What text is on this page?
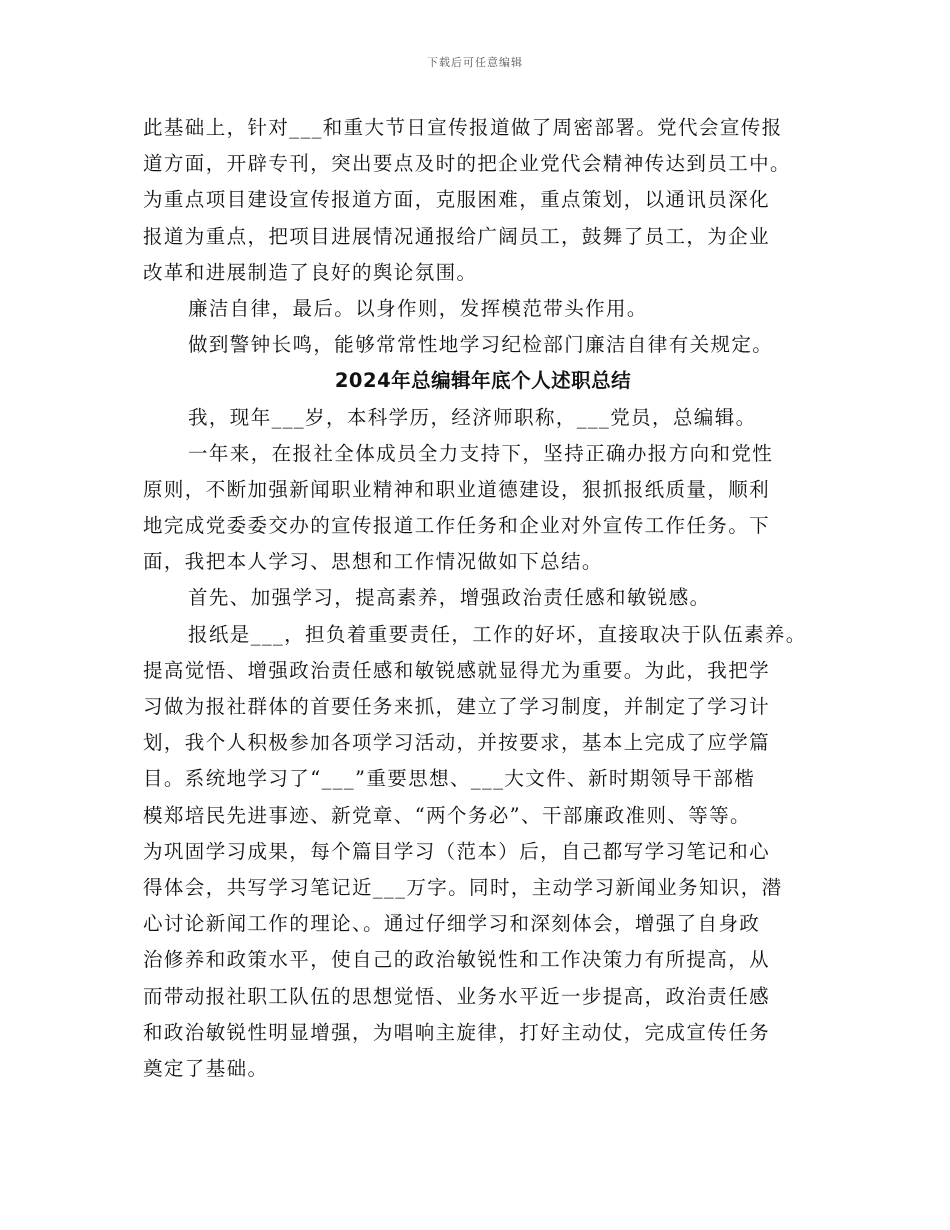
下载后可任意编辑
此基础上，针对___和重大节日宣传报道做了周密部署。党代会宣传报
道方面，开辟专刊，突出要点及时的把企业党代会精神传达到员工中。
为重点项目建设宣传报道方面，克服困难，重点策划，以通讯员深化
报道为重点，把项目进展情况通报给广阔员工，鼓舞了员工，为企业
改革和进展制造了良好的舆论氛围。
廉洁自律，最后。以身作则，发挥模范带头作用。
做到警钟长鸣，能够常常性地学习纪检部门廉洁自律有关规定。
2024年总编辑年底个人述职总结
我，现年___岁，本科学历，经济师职称，___党员，总编辑。
一年来，在报社全体成员全力支持下，坚持正确办报方向和党性
原则，不断加强新闻职业精神和职业道德建设，狠抓报纸质量，顺利
地完成党委委交办的宣传报道工作任务和企业对外宣传工作任务。下
面，我把本人学习、思想和工作情况做如下总结。
首先、加强学习，提高素养，增强政治责任感和敏锐感。
报纸是___，担负着重要责任，工作的好坏，直接取决于队伍素养。
提高觉悟、增强政治责任感和敏锐感就显得尤为重要。为此，我把学
习做为报社群体的首要任务来抓，建立了学习制度，并制定了学习计
划，我个人积极参加各项学习活动，并按要求，基本上完成了应学篇
目。系统地学习了“___”重要思想、___大文件、新时期领导干部楷
模郑培民先进事迹、新党章、“两个务必”、干部廉政准则、等等。
为巩固学习成果，每个篇目学习（范本）后，自己都写学习笔记和心
得体会，共写学习笔记近___万字。同时，主动学习新闻业务知识，潜
心讨论新闻工作的理论、。通过仔细学习和深刻体会，增强了自身政
治修养和政策水平，使自己的政治敏锐性和工作决策力有所提高，从
而带动报社职工队伍的思想觉悟、业务水平近一步提高，政治责任感
和政治敏锐性明显增强，为唱响主旋律，打好主动仗，完成宣传任务
奠定了基础。
